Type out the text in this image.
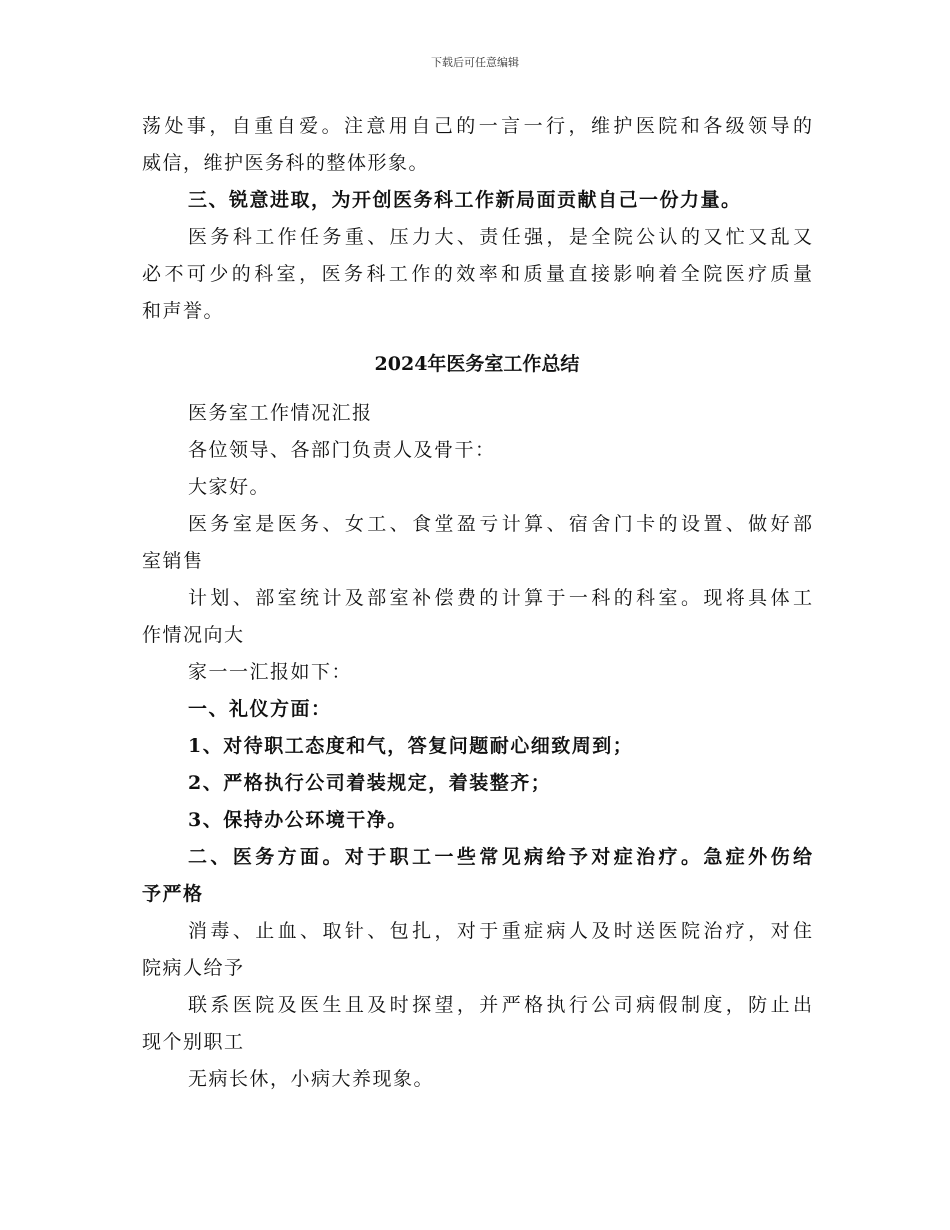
下载后可任意编辑

荡处事，自重自爱。注意用自己的一言一行，维护医院和各级领导的

威信，维护医务科的整体形象。

三、锐意进取，为开创医务科工作新局面贡献自己一份力量。

医务科工作任务重、压力大、责任强，是全院公认的又忙又乱又

必不可少的科室，医务科工作的效率和质量直接影响着全院医疗质量

和声誉。

2024年医务室工作总结

医务室工作情况汇报

各位领导、各部门负责人及骨干：

大家好。

医务室是医务、女工、食堂盈亏计算、宿舍门卡的设置、做好部

室销售

计划、部室统计及部室补偿费的计算于一科的科室。现将具体工

作情况向大

家一一汇报如下：

一、礼仪方面：

1、对待职工态度和气，答复问题耐心细致周到；

2、严格执行公司着装规定，着装整齐；

3、保持办公环境干净。

二、医务方面。对于职工一些常见病给予对症治疗。急症外伤给

予严格

消毒、止血、取针、包扎，对于重症病人及时送医院治疗，对住

院病人给予

联系医院及医生且及时探望，并严格执行公司病假制度，防止出

现个别职工

无病长休，小病大养现象。
